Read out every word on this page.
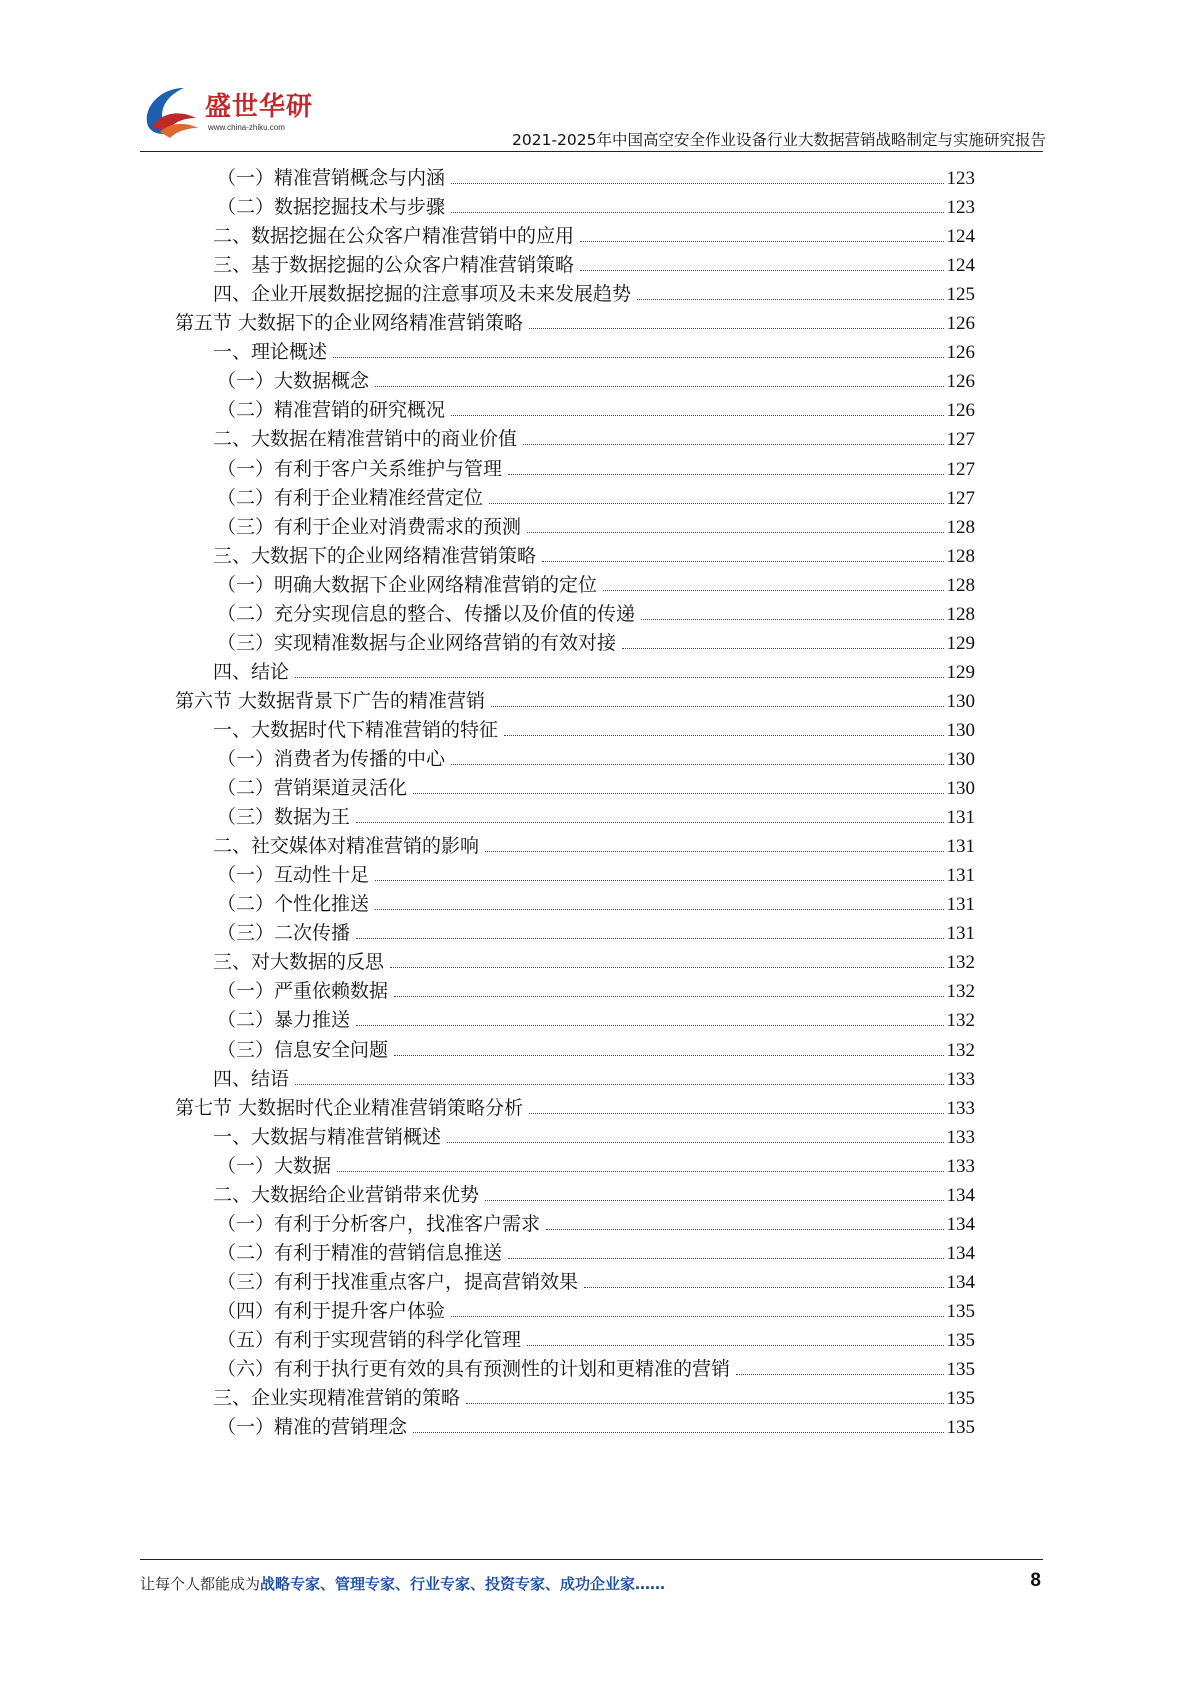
盛世华研
www.china-zhiku.com
2021-2025年中国高空安全作业设备行业大数据营销战略制定与实施研究报告
（一）精准营销概念与内涵	123
（二）数据挖掘技术与步骤	123
二、数据挖掘在公众客户精准营销中的应用	124
三、基于数据挖掘的公众客户精准营销策略	124
四、企业开展数据挖掘的注意事项及未来发展趋势	125
第五节 大数据下的企业网络精准营销策略	126
一、理论概述	126
（一）大数据概念	126
（二）精准营销的研究概况	126
二、大数据在精准营销中的商业价值	127
（一）有利于客户关系维护与管理	127
（二）有利于企业精准经营定位	127
（三）有利于企业对消费需求的预测	128
三、大数据下的企业网络精准营销策略	128
（一）明确大数据下企业网络精准营销的定位	128
（二）充分实现信息的整合、传播以及价值的传递	128
（三）实现精准数据与企业网络营销的有效对接	129
四、结论	129
第六节 大数据背景下广告的精准营销	130
一、大数据时代下精准营销的特征	130
（一）消费者为传播的中心	130
（二）营销渠道灵活化	130
（三）数据为王	131
二、社交媒体对精准营销的影响	131
（一）互动性十足	131
（二）个性化推送	131
（三）二次传播	131
三、对大数据的反思	132
（一）严重依赖数据	132
（二）暴力推送	132
（三）信息安全问题	132
四、结语	133
第七节 大数据时代企业精准营销策略分析	133
一、大数据与精准营销概述	133
（一）大数据	133
二、大数据给企业营销带来优势	134
（一）有利于分析客户，找准客户需求	134
（二）有利于精准的营销信息推送	134
（三）有利于找准重点客户，提高营销效果	134
（四）有利于提升客户体验	135
（五）有利于实现营销的科学化管理	135
（六）有利于执行更有效的具有预测性的计划和更精准的营销	135
三、企业实现精准营销的策略	135
（一）精准的营销理念	135
让每个人都能成为战略专家、管理专家、行业专家、投资专家、成功企业家……	8
